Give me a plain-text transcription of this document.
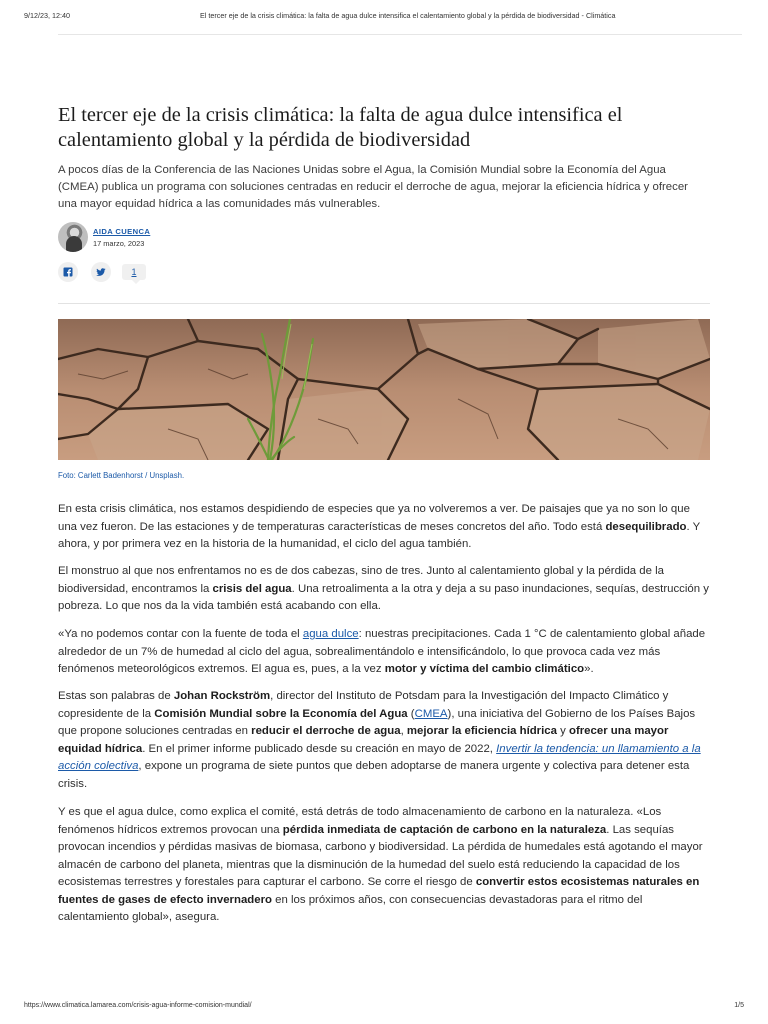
9/12/23, 12:40	El tercer eje de la crisis climática: la falta de agua dulce intensifica el calentamiento global y la pérdida de biodiversidad - Climática
El tercer eje de la crisis climática: la falta de agua dulce intensifica el calentamiento global y la pérdida de biodiversidad

A pocos días de la Conferencia de las Naciones Unidas sobre el Agua, la Comisión Mundial sobre la Economía del Agua (CMEA) publica un programa con soluciones centradas en reducir el derroche de agua, mejorar la eficiencia hídrica y ofrecer una mayor equidad hídrica a las comunidades más vulnerables.

AIDA CUENCA
17 marzo, 2023
1

Foto: Carlett Badenhorst / Unsplash.

En esta crisis climática, nos estamos despidiendo de especies que ya no volveremos a ver. De paisajes que ya no son lo que una vez fueron. De las estaciones y de temperaturas características de meses concretos del año. Todo está desequilibrado. Y ahora, y por primera vez en la historia de la humanidad, el ciclo del agua también.

El monstruo al que nos enfrentamos no es de dos cabezas, sino de tres. Junto al calentamiento global y la pérdida de la biodiversidad, encontramos la crisis del agua. Una retroalimenta a la otra y deja a su paso inundaciones, sequías, destrucción y pobreza. Lo que nos da la vida también está acabando con ella.

«Ya no podemos contar con la fuente de toda el agua dulce: nuestras precipitaciones. Cada 1 °C de calentamiento global añade alrededor de un 7% de humedad al ciclo del agua, sobrealimentándolo e intensificándolo, lo que provoca cada vez más fenómenos meteorológicos extremos. El agua es, pues, a la vez motor y víctima del cambio climático».

Estas son palabras de Johan Rockström, director del Instituto de Potsdam para la Investigación del Impacto Climático y copresidente de la Comisión Mundial sobre la Economía del Agua (CMEA), una iniciativa del Gobierno de los Países Bajos que propone soluciones centradas en reducir el derroche de agua, mejorar la eficiencia hídrica y ofrecer una mayor equidad hídrica. En el primer informe publicado desde su creación en mayo de 2022, Invertir la tendencia: un llamamiento a la acción colectiva, expone un programa de siete puntos que deben adoptarse de manera urgente y colectiva para detener esta crisis.

Y es que el agua dulce, como explica el comité, está detrás de todo almacenamiento de carbono en la naturaleza. «Los fenómenos hídricos extremos provocan una pérdida inmediata de captación de carbono en la naturaleza. Las sequías provocan incendios y pérdidas masivas de biomasa, carbono y biodiversidad. La pérdida de humedales está agotando el mayor almacén de carbono del planeta, mientras que la disminución de la humedad del suelo está reduciendo la capacidad de los ecosistemas terrestres y forestales para capturar el carbono. Se corre el riesgo de convertir estos ecosistemas naturales en fuentes de gases de efecto invernadero en los próximos años, con consecuencias devastadoras para el ritmo del calentamiento global», asegura.

https://www.climatica.lamarea.com/crisis-agua-informe-comision-mundial/	1/5
